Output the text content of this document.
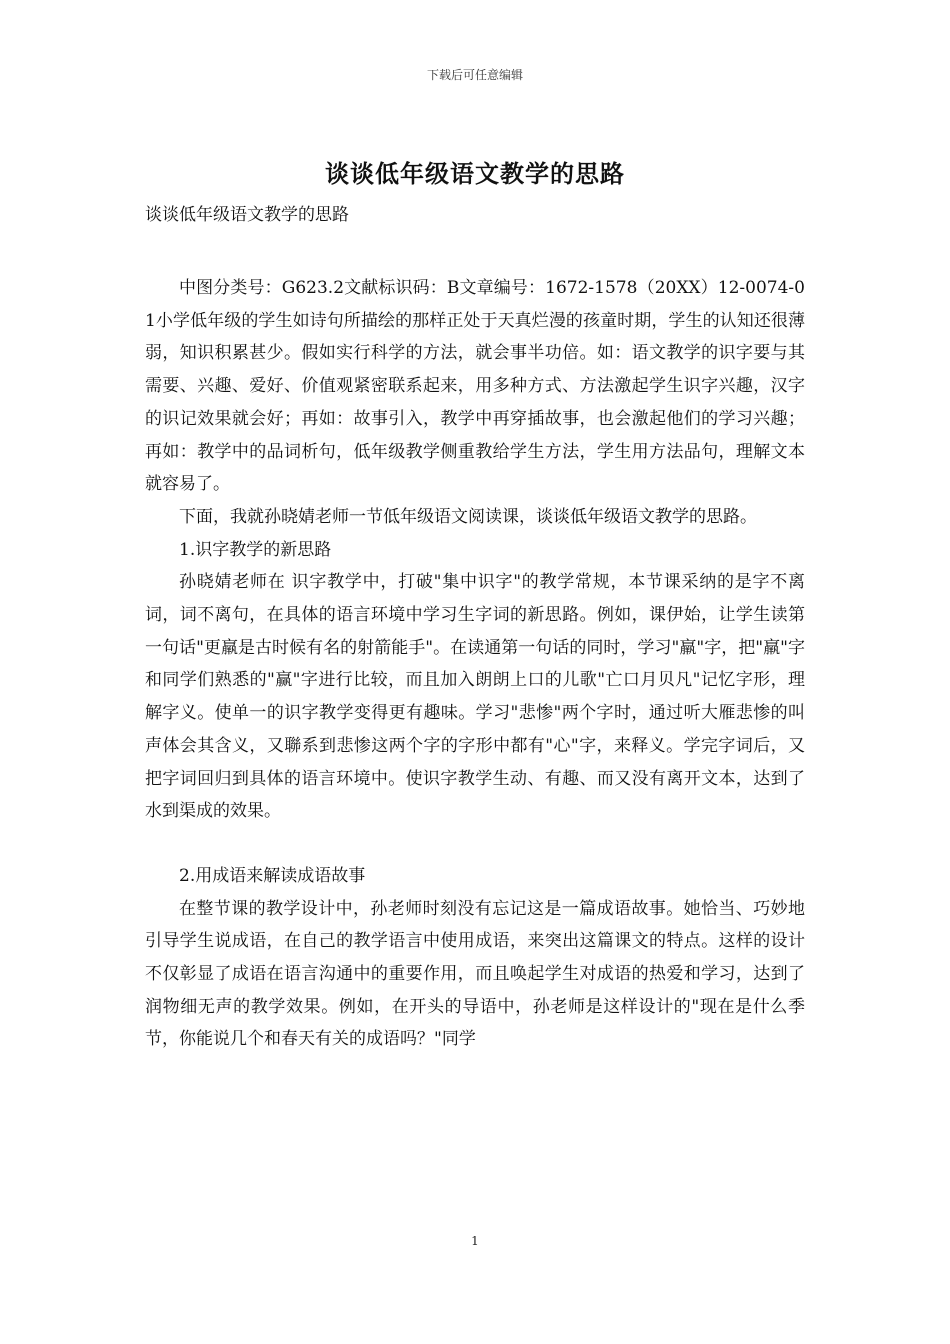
下载后可任意编辑
谈谈低年级语文教学的思路
谈谈低年级语文教学的思路

中图分类号：G623.2文献标识码：B文章编号：1672-1578（20XX）12-0074-01小学低年级的学生如诗句所描绘的那样正处于天真烂漫的孩童时期，学生的认知还很薄弱，知识积累甚少。假如实行科学的方法，就会事半功倍。如：语文教学的识字要与其需要、兴趣、爱好、价值观紧密联系起来，用多种方式、方法激起学生识字兴趣，汉字的识记效果就会好；再如：故事引入，教学中再穿插故事，也会激起他们的学习兴趣；再如：教学中的品词析句，低年级教学侧重教给学生方法，学生用方法品句，理解文本就容易了。

下面，我就孙晓婧老师一节低年级语文阅读课，谈谈低年级语文教学的思路。

1.识字教学的新思路

孙晓婧老师在 识字教学中，打破"集中识字"的教学常规，本节课采纳的是字不离词，词不离句，在具体的语言环境中学习生字词的新思路。例如，课伊始，让学生读第一句话"更羸是古时候有名的射箭能手"。在读通第一句话的同时，学习"羸"字，把"羸"字和同学们熟悉的"赢"字进行比较，而且加入朗朗上口的儿歌"亡口月贝凡"记忆字形，理解字义。使单一的识字教学变得更有趣味。学习"悲惨"两个字时，通过听大雁悲惨的叫声体会其含义，又聯系到悲惨这两个字的字形中都有"心"字，来释义。学完字词后，又把字词回归到具体的语言环境中。使识字教学生动、有趣、而又没有离开文本，达到了水到渠成的效果。

2.用成语来解读成语故事

在整节课的教学设计中，孙老师时刻没有忘记这是一篇成语故事。她恰当、巧妙地引导学生说成语，在自己的教学语言中使用成语，来突出这篇课文的特点。这样的设计不仅彰显了成语在语言沟通中的重要作用，而且唤起学生对成语的热爱和学习，达到了润物细无声的教学效果。例如，在开头的导语中，孙老师是这样设计的"现在是什么季节，你能说几个和春天有关的成语吗？"同学

1
